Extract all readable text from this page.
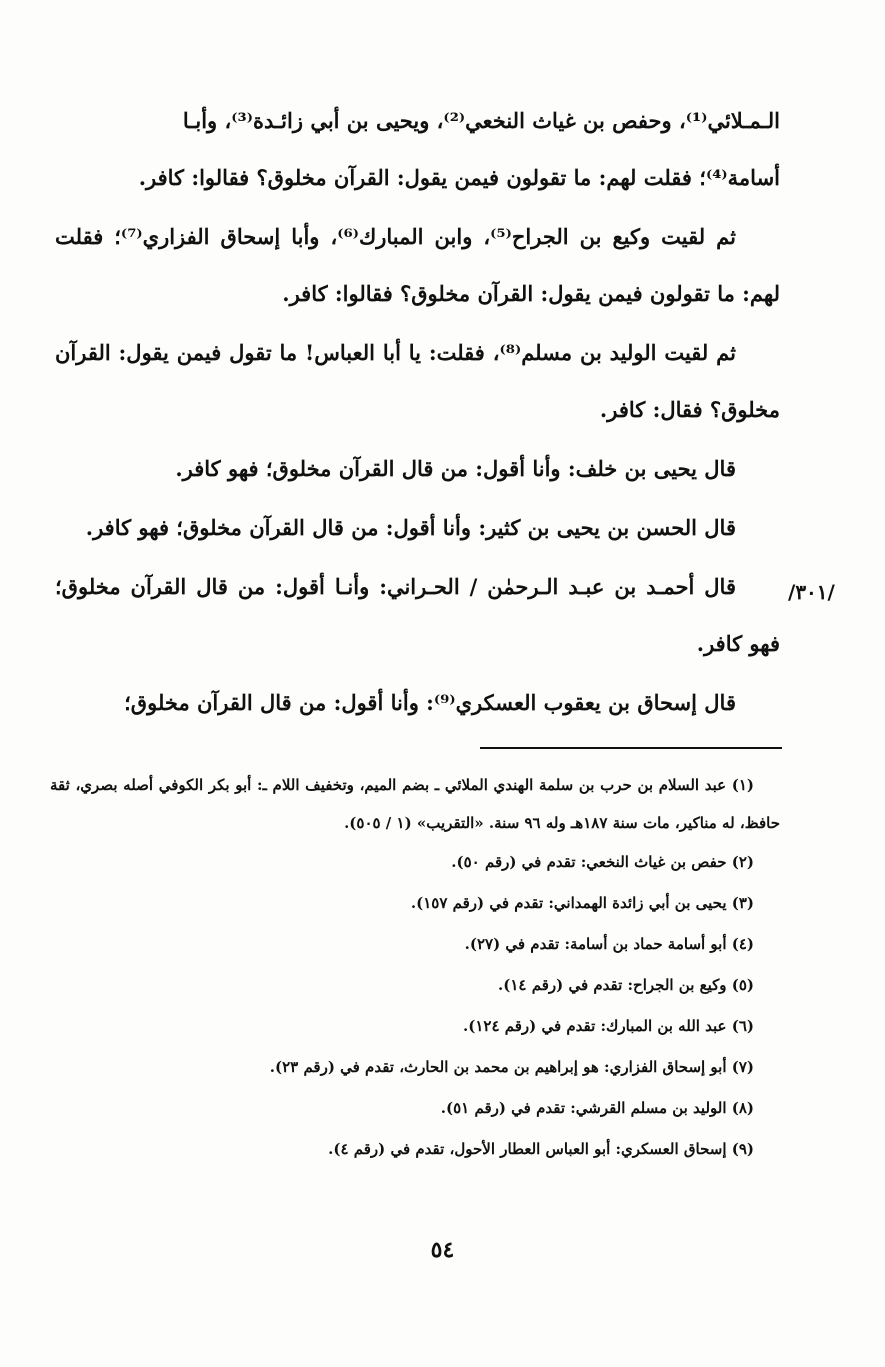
الـمـلائي⁽¹⁾، وحفص بن غياث النخعي⁽²⁾، ويحيى بن أبي زائـدة⁽³⁾، وأبـا
أسامة⁽⁴⁾؛ فقلت لهم: ما تقولون فيمن يقول: القرآن مخلوق؟ فقالوا: كافر.

ثم لقيت وكيع بن الجراح⁽⁵⁾، وابن المبارك⁽⁶⁾، وأبا إسحاق الفزاري⁽⁷⁾؛ فقلت لهم: ما تقولون فيمن يقول: القرآن مخلوق؟ فقالوا: كافر.

ثم لقيت الوليد بن مسلم⁽⁸⁾، فقلت: يا أبا العباس! ما تقول فيمن يقول: القرآن مخلوق؟ فقال: كافر.

قال يحيى بن خلف: وأنا أقول: من قال القرآن مخلوق؛ فهو كافر.

قال الحسن بن يحيى بن كثير: وأنا أقول: من قال القرآن مخلوق؛ فهو كافر.

قال أحمـد بن عبـد الـرحمٰن / الحـراني: وأنـا أقول: من قال القرآن مخلوق؛ فهو كافر.

قال إسحاق بن يعقوب العسكري⁽⁹⁾: وأنا أقول: من قال القرآن مخلوق؛

/٣٠١/

(١) عبد السلام بن حرب بن سلمة الهندي الملائي ـ بضم الميم، وتخفيف اللام ـ: أبو بكر الكوفي أصله بصري، ثقة حافظ، له مناكير، مات سنة ١٨٧هـ وله ٩٦ سنة. «التقريب» (١ / ٥٠٥).

(٢) حفص بن غياث النخعي: تقدم في (رقم ٥٠).

(٣) يحيى بن أبي زائدة الهمداني: تقدم في (رقم ١٥٧).

(٤) أبو أسامة حماد بن أسامة: تقدم في (٢٧).

(٥) وكيع بن الجراح: تقدم في (رقم ١٤).

(٦) عبد الله بن المبارك: تقدم في (رقم ١٢٤).

(٧) أبو إسحاق الفزاري: هو إبراهيم بن محمد بن الحارث، تقدم في (رقم ٢٣).

(٨) الوليد بن مسلم القرشي: تقدم في (رقم ٥١).

(٩) إسحاق العسكري: أبو العباس العطار الأحول، تقدم في (رقم ٤).

٥٤
